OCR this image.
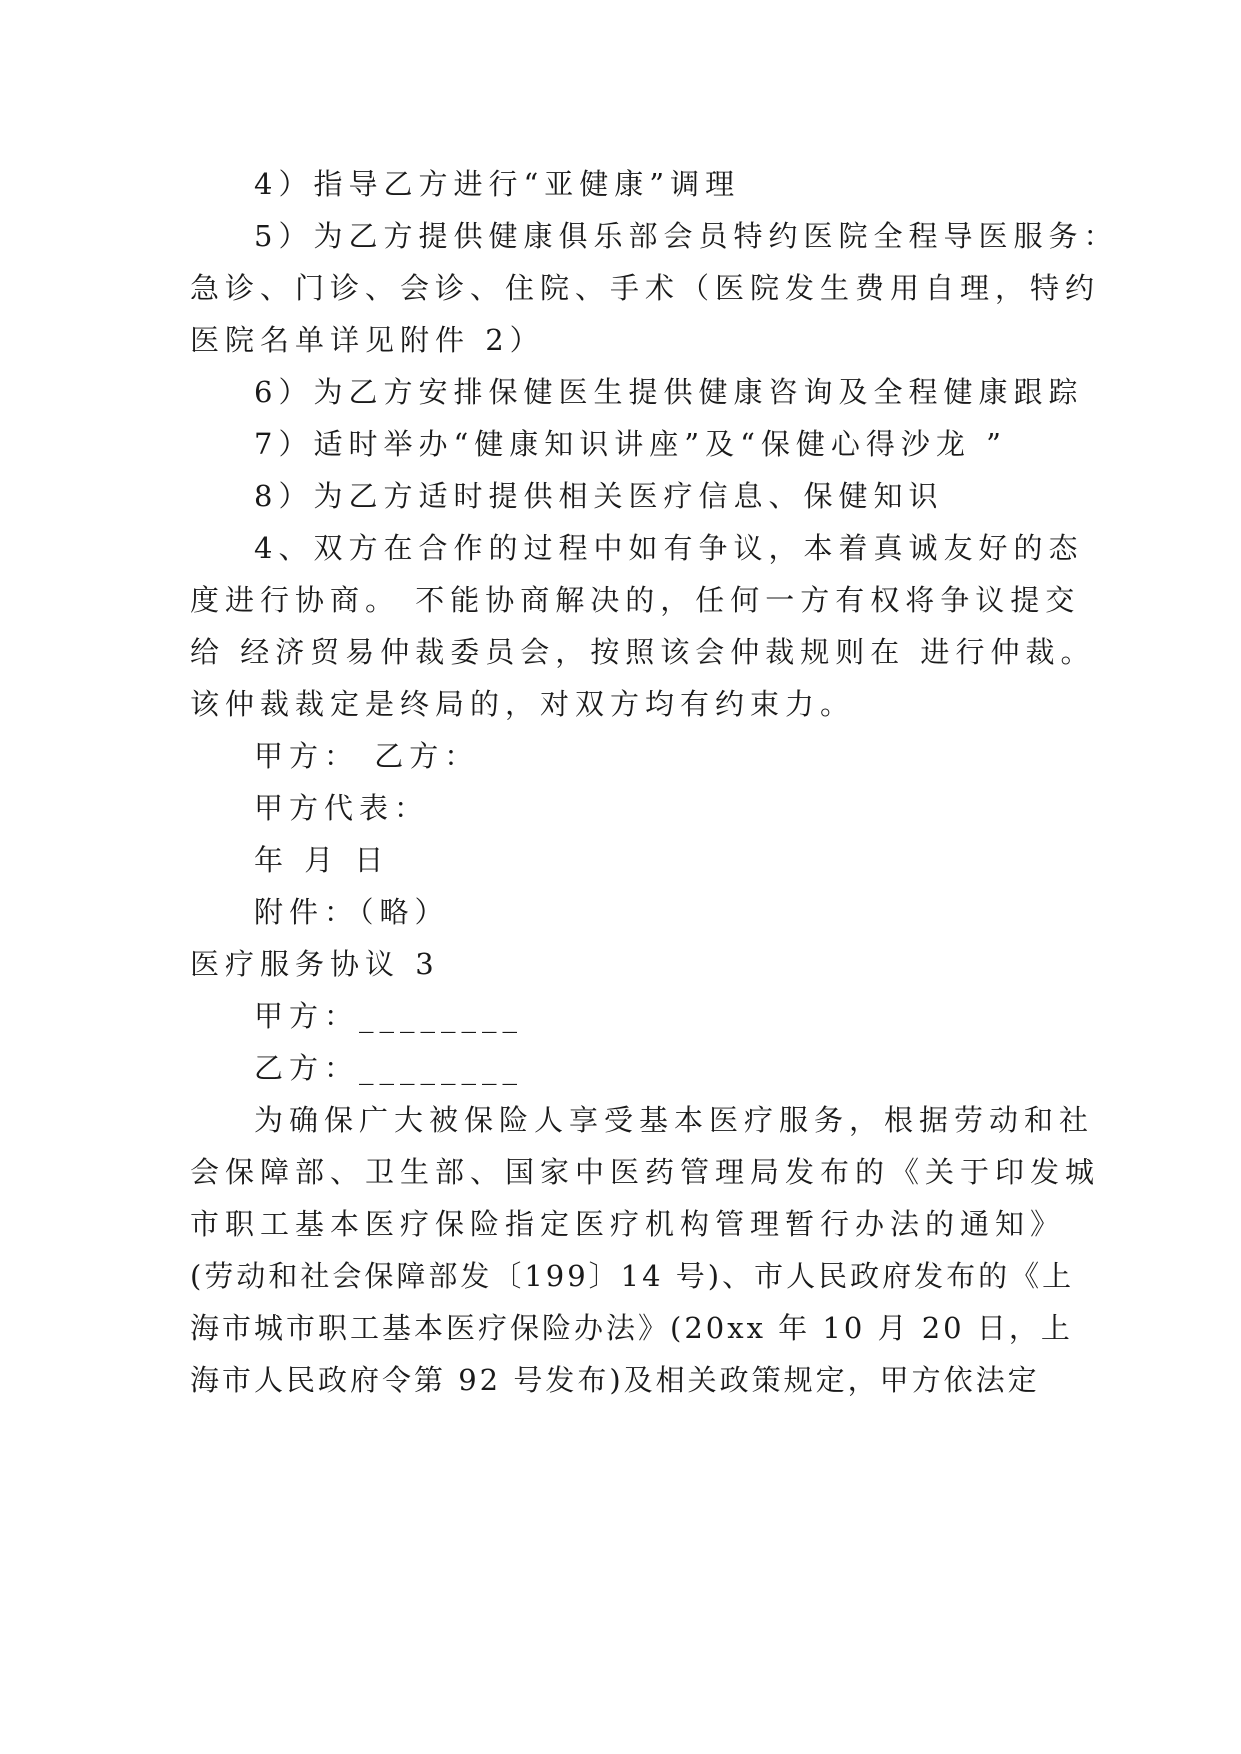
4）指导乙方进行“亚健康”调理
5）为乙方提供健康俱乐部会员特约医院全程导医服务：
急诊、门诊、会诊、住院、手术（医院发生费用自理，特约
医院名单详见附件 2）
6）为乙方安排保健医生提供健康咨询及全程健康跟踪
7）适时举办“健康知识讲座”及“保健心得沙龙 ”
8）为乙方适时提供相关医疗信息、保健知识
4、双方在合作的过程中如有争议，本着真诚友好的态
度进行协商。 不能协商解决的，任何一方有权将争议提交
给 经济贸易仲裁委员会，按照该会仲裁规则在 进行仲裁。
该仲裁裁定是终局的，对双方均有约束力。
甲方： 乙方：
甲方代表：
年 月 日
附件：（略）
医疗服务协议 3
甲方：________
乙方：________
为确保广大被保险人享受基本医疗服务，根据劳动和社
会保障部、卫生部、国家中医药管理局发布的《关于印发城
市职工基本医疗保险指定医疗机构管理暂行办法的通知》
(劳动和社会保障部发〔199〕14 号)、市人民政府发布的《上
海市城市职工基本医疗保险办法》(20xx 年 10 月 20 日，上
海市人民政府令第 92 号发布)及相关政策规定，甲方依法定
